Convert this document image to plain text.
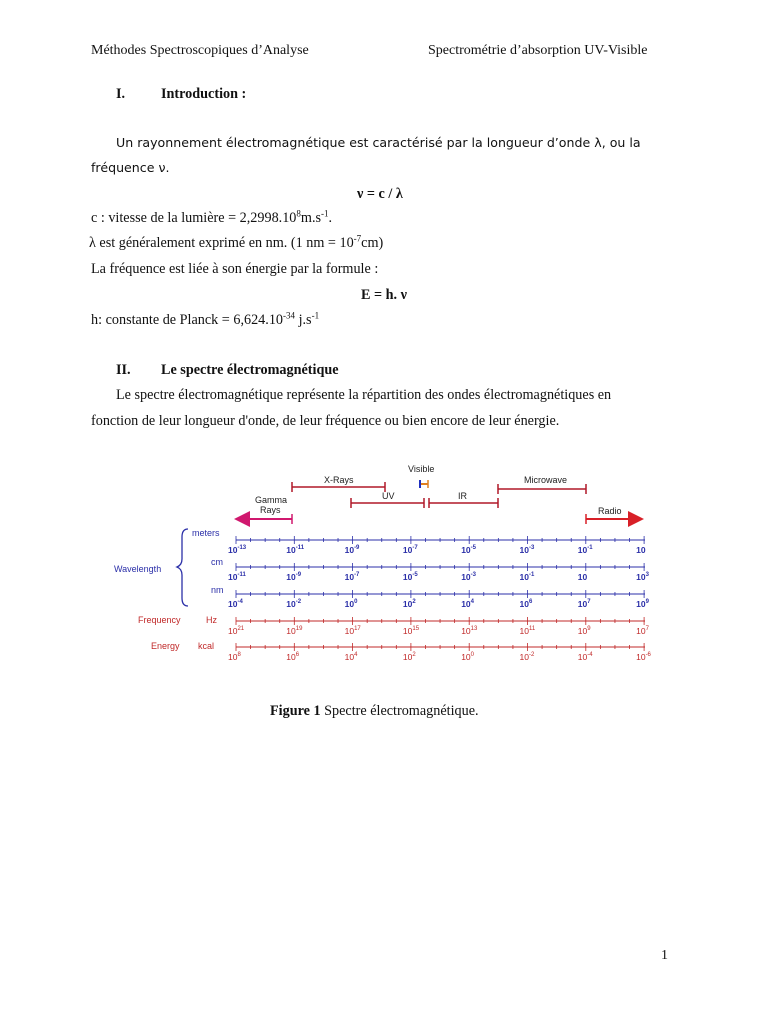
Méthodes Spectroscopiques d’Analyse	Spectrométrie d’absorption UV-Visible
I.	Introduction :
Un rayonnement électromagnétique est caractérisé par la longueur d’onde λ, ou la
fréquence ν.
ν = c / λ
c : vitesse de la lumière = $2,2998.10^8m.s^{-1}$.
λ est généralement exprimé en nm. (1 nm = $10^{-7}cm$)
La fréquence est liée à son énergie par la formule :
E = h. ν
h: constante de Planck = $6,624.10^{-34}$ $j.s^{-1}$
II. Le spectre électromagnétique
Le spectre électromagnétique représente la répartition des ondes électromagnétiques en
fonction de leur longueur d'onde, de leur fréquence ou bien encore de leur énergie.
X-Rays
Visible
Microwave
UV	IR
Gamma
Rays	Radio
Wavelength
meters
cm
nm
Frequency	Hz
Energy kcal
$10^{-13}$	$10^{-11}$	$10^{-9}$	$10^{-7}$	$10^{-5}$	$10^{-3}$	$10^{-1}$	10
$10^{-11}$	$10^{-9}$	$10^{-7}$	$10^{-5}$	$10^{-3}$	$10^{-1}$	10	$10^3$
$10^{-4}$	$10^{-2}$	$10^0$	$10^2$	$10^4$	$10^6$	$10^7$	$10^9$
$10^{21}$	$10^{19}$	$10^{17}$	$10^{15}$	$10^{13}$	$10^{11}$	$10^9$	$10^7$
$10^8$	$10^6$	$10^4$	$10^2$	$10^0$	$10^{-2}$	$10^{-4}$	$10^{-6}$
Figure 1 Spectre électromagnétique.
1
